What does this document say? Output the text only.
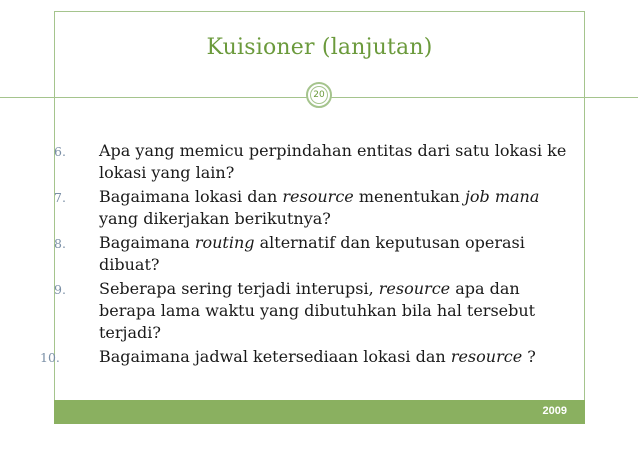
Kuisioner (lanjutan)
20
6.	Apa yang memicu perpindahan entitas dari satu lokasi ke lokasi yang lain?
7.	Bagaimana lokasi dan resource menentukan job mana yang dikerjakan berikutnya?
8.	Bagaimana routing alternatif dan keputusan operasi dibuat?
9.	Seberapa sering terjadi interupsi, resource apa dan berapa lama waktu yang dibutuhkan bila hal tersebut terjadi?
10.	Bagaimana jadwal ketersediaan lokasi dan resource ?
2009
